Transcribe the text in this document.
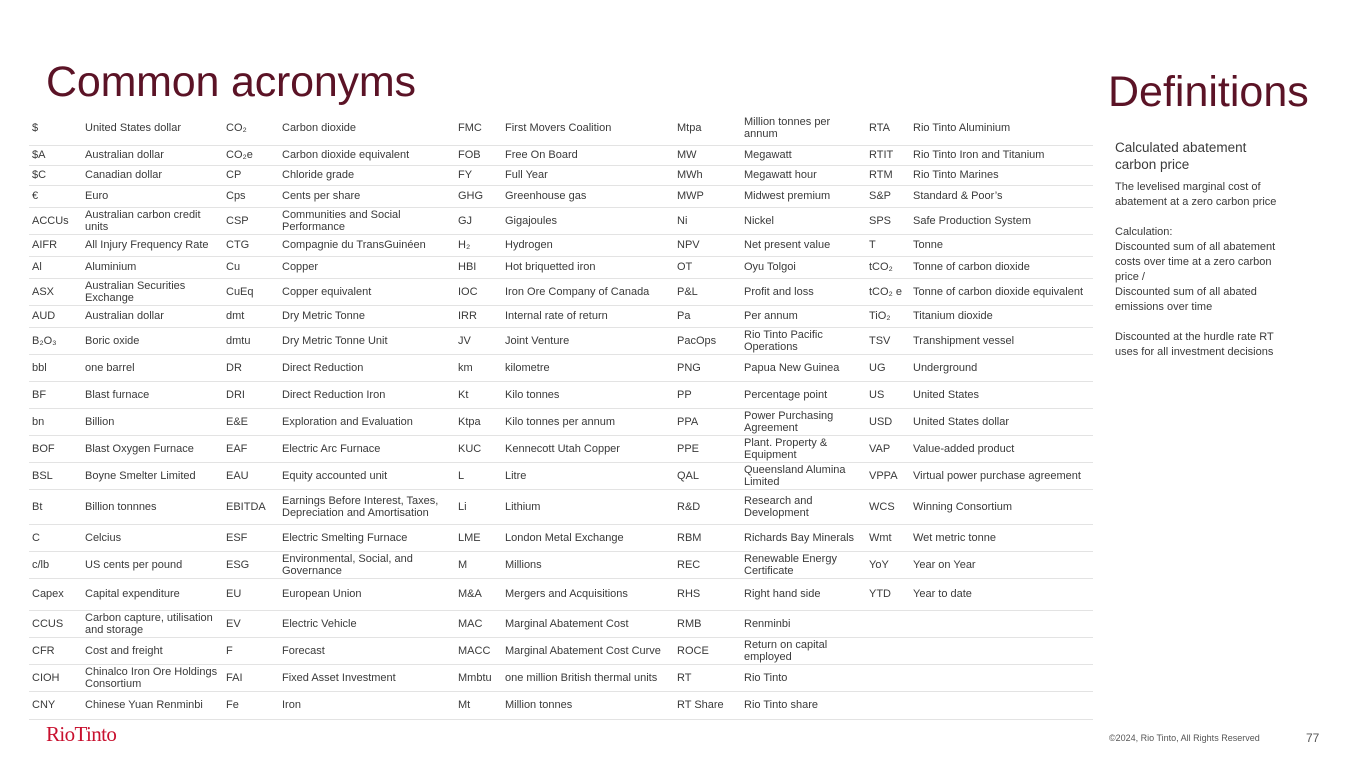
Common acronyms	Definitions
$	United States dollar	CO₂	Carbon dioxide	FMC	First Movers Coalition	Mtpa	Million tonnes per annum	RTA	Rio Tinto Aluminium
$A	Australian dollar	CO₂e	Carbon dioxide equivalent	FOB	Free On Board	MW	Megawatt	RTIT	Rio Tinto Iron and Titanium
$C	Canadian dollar	CP	Chloride grade	FY	Full Year	MWh	Megawatt hour	RTM	Rio Tinto Marines
€	Euro	Cps	Cents per share	GHG	Greenhouse gas	MWP	Midwest premium	S&P	Standard & Poor’s
ACCUs	Australian carbon credit units	CSP	Communities and Social Performance	GJ	Gigajoules	Ni	Nickel	SPS	Safe Production System
AIFR	All Injury Frequency Rate	CTG	Compagnie du TransGuinéen	H₂	Hydrogen	NPV	Net present value	T	Tonne
Al	Aluminium	Cu	Copper	HBI	Hot briquetted iron	OT	Oyu Tolgoi	tCO₂	Tonne of carbon dioxide
ASX	Australian Securities Exchange	CuEq	Copper equivalent	IOC	Iron Ore Company of Canada	P&L	Profit and loss	tCO₂ e	Tonne of carbon dioxide equivalent
AUD	Australian dollar	dmt	Dry Metric Tonne	IRR	Internal rate of return	Pa	Per annum	TiO₂	Titanium dioxide
B₂O₃	Boric oxide	dmtu	Dry Metric Tonne Unit	JV	Joint Venture	PacOps	Rio Tinto Pacific Operations	TSV	Transhipment vessel
bbl	one barrel	DR	Direct Reduction	km	kilometre	PNG	Papua New Guinea	UG	Underground
BF	Blast furnace	DRI	Direct Reduction Iron	Kt	Kilo tonnes	PP	Percentage point	US	United States
bn	Billion	E&E	Exploration and Evaluation	Ktpa	Kilo tonnes per annum	PPA	Power Purchasing Agreement	USD	United States dollar
BOF	Blast Oxygen Furnace	EAF	Electric Arc Furnace	KUC	Kennecott Utah Copper	PPE	Plant. Property & Equipment	VAP	Value-added product
BSL	Boyne Smelter Limited	EAU	Equity accounted unit	L	Litre	QAL	Queensland Alumina Limited	VPPA	Virtual power purchase agreement
Bt	Billion tonnnes	EBITDA	Earnings Before Interest, Taxes, Depreciation and Amortisation	Li	Lithium	R&D	Research and Development	WCS	Winning Consortium
C	Celcius	ESF	Electric Smelting Furnace	LME	London Metal Exchange	RBM	Richards Bay Minerals	Wmt	Wet metric tonne
c/lb	US cents per pound	ESG	Environmental, Social, and Governance	M	Millions	REC	Renewable Energy Certificate	YoY	Year on Year
Capex	Capital expenditure	EU	European Union	M&A	Mergers and Acquisitions	RHS	Right hand side	YTD	Year to date
CCUS	Carbon capture, utilisation and storage	EV	Electric Vehicle	MAC	Marginal Abatement Cost	RMB	Renminbi		
CFR	Cost and freight	F	Forecast	MACC	Marginal Abatement Cost Curve	ROCE	Return on capital employed		
CIOH	Chinalco Iron Ore Holdings Consortium	FAI	Fixed Asset Investment	Mmbtu	one million British thermal units	RT	Rio Tinto		
CNY	Chinese Yuan Renminbi	Fe	Iron	Mt	Million tonnes	RT Share	Rio Tinto share		
Calculated abatement carbon price
The levelised marginal cost of abatement at a zero carbon price
Calculation:
Discounted sum of all abatement costs over time at a zero carbon price /
Discounted sum of all abated emissions over time

Discounted at the hurdle rate RT uses for all investment decisions
RioTinto	©2024, Rio Tinto, All Rights Reserved	77
